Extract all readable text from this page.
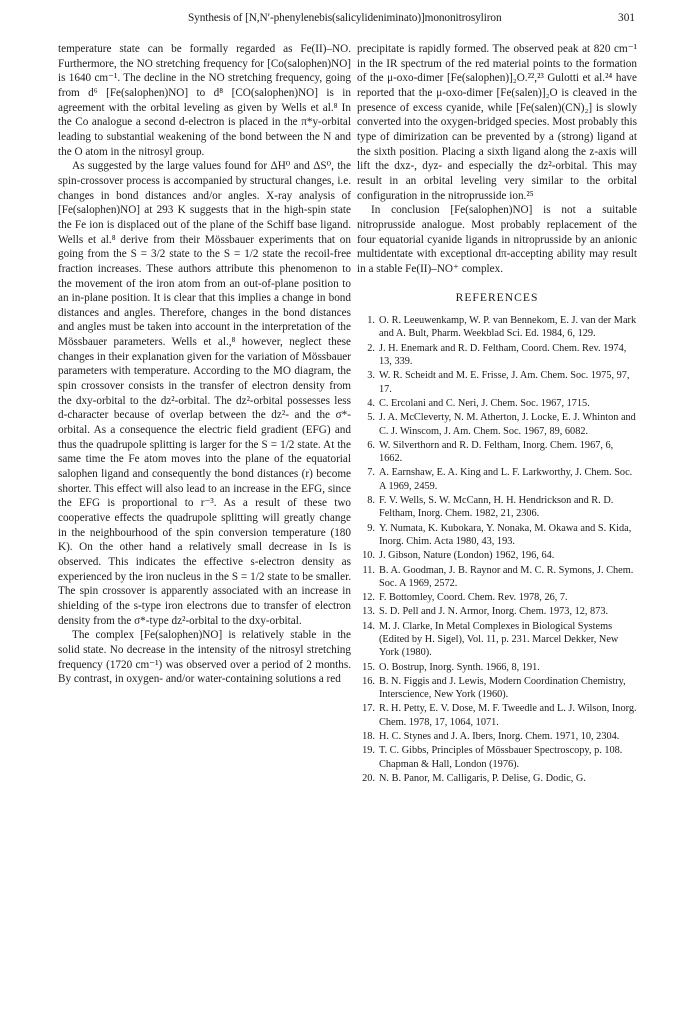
Synthesis of [N,N′-phenylenebis(salicylideniminato)]mononitrosyliron	301

temperature state can be formally regarded as Fe(II)–NO. Furthermore, the NO stretching frequency for [Co(salophen)NO] is 1640 cm⁻¹. The decline in the NO stretching frequency, going from d⁶ [Fe(salophen)NO] to d⁸ [CO(salophen)NO] is in agreement with the orbital leveling as given by Wells et al.⁸ In the Co analogue a second d-electron is placed in the π*y-orbital leading to substantial weakening of the bond between the N and the O atom in the nitrosyl group.

As suggested by the large values found for ΔH⁰ and ΔS⁰, the spin-crossover process is accompanied by structural changes, i.e. changes in bond distances and/or angles. X-ray analysis of [Fe(salophen)NO] at 293 K suggests that in the high-spin state the Fe ion is displaced out of the plane of the Schiff base ligand. Wells et al.⁸ derive from their Mössbauer experiments that on going from the S = 3/2 state to the S = 1/2 state the recoil-free fraction increases. These authors attribute this phenomenon to the movement of the iron atom from an out-of-plane position to an in-plane position. It is clear that this implies a change in bond distances and angles. Therefore, changes in the bond distances and angles must be taken into account in the interpretation of the Mössbauer parameters. Wells et al.,⁸ however, neglect these changes in their explanation given for the variation of Mössbauer parameters with temperature. According to the MO diagram, the spin crossover consists in the transfer of electron density from the dxy-orbital to the dz²-orbital. The dz²-orbital possesses less d-character because of overlap between the dz²- and the σ*-orbital. As a consequence the electric field gradient (EFG) and thus the quadrupole splitting is larger for the S = 1/2 state. At the same time the Fe atom moves into the plane of the equatorial salophen ligand and consequently the bond distances (r) become shorter. This effect will also lead to an increase in the EFG, since the EFG is proportional to r⁻³. As a result of these two cooperative effects the quadrupole splitting will greatly change in the neighbourhood of the spin conversion temperature (180 K). On the other hand a relatively small decrease in Is is observed. This indicates the effective s-electron density as experienced by the iron nucleus in the S = 1/2 state to be smaller. The spin crossover is apparently associated with an increase in shielding of the s-type iron electrons due to transfer of electron density from the σ*-type dz²-orbital to the dxy-orbital.

The complex [Fe(salophen)NO] is relatively stable in the solid state. No decrease in the intensity of the nitrosyl stretching frequency (1720 cm⁻¹) was observed over a period of 2 months. By contrast, in oxygen- and/or water-containing solutions a red

precipitate is rapidly formed. The observed peak at 820 cm⁻¹ in the IR spectrum of the red material points to the formation of the μ-oxo-dimer [Fe(salophen)]₂O.²²,²³ Gulotti et al.²⁴ have reported that the μ-oxo-dimer [Fe(salen)]₂O is cleaved in the presence of excess cyanide, while [Fe(salen)(CN)₂] is slowly converted into the oxygen-bridged species. Most probably this type of dimirization can be prevented by a (strong) ligand at the sixth position. Placing a sixth ligand along the z-axis will lift the dxz-, dyz- and especially the dz²-orbital. This may result in an orbital leveling very similar to the orbital configuration in the nitroprusside ion.²⁵

In conclusion [Fe(salophen)NO] is not a suitable nitroprusside analogue. Most probably replacement of the four equatorial cyanide ligands in nitroprusside by an anionic multidentate with exceptional dπ-accepting ability may result in a stable Fe(II)–NO⁺ complex.

REFERENCES
1. O. R. Leeuwenkamp, W. P. van Bennekom, E. J. van der Mark and A. Bult, Pharm. Weekblad Sci. Ed. 1984, 6, 129.
2. J. H. Enemark and R. D. Feltham, Coord. Chem. Rev. 1974, 13, 339.
3. W. R. Scheidt and M. E. Frisse, J. Am. Chem. Soc. 1975, 97, 17.
4. C. Ercolani and C. Neri, J. Chem. Soc. 1967, 1715.
5. J. A. McCleverty, N. M. Atherton, J. Locke, E. J. Whinton and C. J. Winscom, J. Am. Chem. Soc. 1967, 89, 6082.
6. W. Silverthorn and R. D. Feltham, Inorg. Chem. 1967, 6, 1662.
7. A. Earnshaw, E. A. King and L. F. Larkworthy, J. Chem. Soc. A 1969, 2459.
8. F. V. Wells, S. W. McCann, H. H. Hendrickson and R. D. Feltham, Inorg. Chem. 1982, 21, 2306.
9. Y. Numata, K. Kubokara, Y. Nonaka, M. Okawa and S. Kida, Inorg. Chim. Acta 1980, 43, 193.
10. J. Gibson, Nature (London) 1962, 196, 64.
11. B. A. Goodman, J. B. Raynor and M. C. R. Symons, J. Chem. Soc. A 1969, 2572.
12. F. Bottomley, Coord. Chem. Rev. 1978, 26, 7.
13. S. D. Pell and J. N. Armor, Inorg. Chem. 1973, 12, 873.
14. M. J. Clarke, In Metal Complexes in Biological Systems (Edited by H. Sigel), Vol. 11, p. 231. Marcel Dekker, New York (1980).
15. O. Bostrup, Inorg. Synth. 1966, 8, 191.
16. B. N. Figgis and J. Lewis, Modern Coordination Chemistry, Interscience, New York (1960).
17. R. H. Petty, E. V. Dose, M. F. Tweedle and L. J. Wilson, Inorg. Chem. 1978, 17, 1064, 1071.
18. H. C. Stynes and J. A. Ibers, Inorg. Chem. 1971, 10, 2304.
19. T. C. Gibbs, Principles of Mössbauer Spectroscopy, p. 108. Chapman & Hall, London (1976).
20. N. B. Panor, M. Calligaris, P. Delise, G. Dodic, G.
